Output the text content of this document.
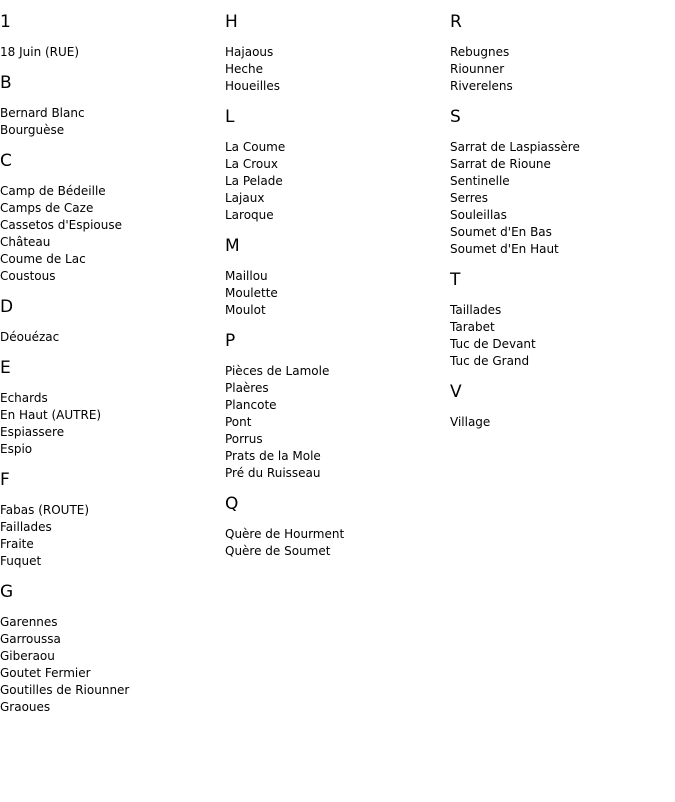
1
18 Juin (RUE)
B
Bernard Blanc
Bourguèse
C
Camp de Bédeille
Camps de Caze
Cassetos d'Espiouse
Château
Coume de Lac
Coustous
D
Déouézac
E
Echards
En Haut (AUTRE)
Espiassere
Espio
F
Fabas (ROUTE)
Faillades
Fraite
Fuquet
G
Garennes
Garroussa
Giberaou
Goutet Fermier
Goutilles de Riounner
Graoues
H
Hajaous
Heche
Houeilles
L
La Coume
La Croux
La Pelade
Lajaux
Laroque
M
Maillou
Moulette
Moulot
P
Pièces de Lamole
Plaères
Plancote
Pont
Porrus
Prats de la Mole
Pré du Ruisseau
Q
Quère de Hourment
Quère de Soumet
R
Rebugnes
Riounner
Riverelens
S
Sarrat de Laspiassère
Sarrat de Rioune
Sentinelle
Serres
Souleillas
Soumet d'En Bas
Soumet d'En Haut
T
Taillades
Tarabet
Tuc de Devant
Tuc de Grand
V
Village
